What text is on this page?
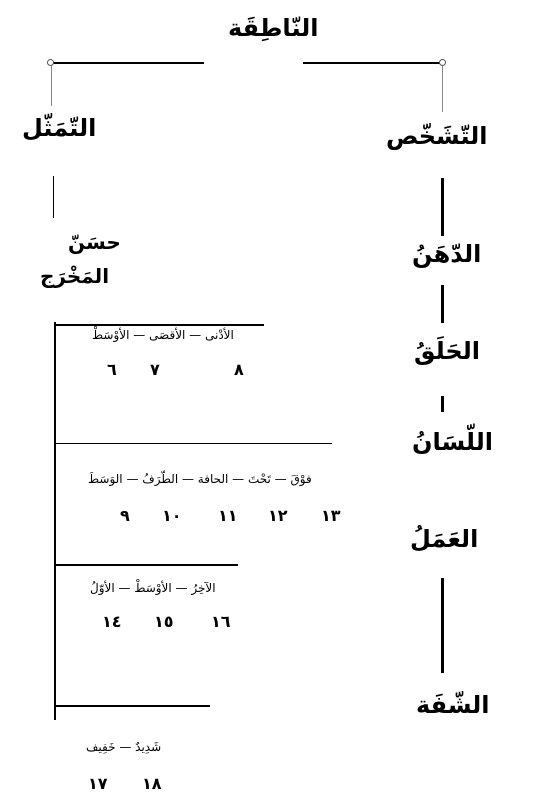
النّاطِقَة
التّمَثّل	التّشَخّص
الدّهَنُ
الحَلَقُ
اللّسَانُ
العَمَلُ
الشّفَة
حسَنّ
المَخْرَج
الأدْنى — الأقصَى — الأوْسَطْ
٨
٧
٦
فوْقَ — تَحْتَ — الحافة — الطّرَفُ — الوَسَطَ
١٣
١٢
١١
١٠
٩
الآخِرُ — الأوْسَطْ — الأوّلُ
١٦
١٥
١٤
شَدِيدٌ — خَفِيف
١٨
١٧
